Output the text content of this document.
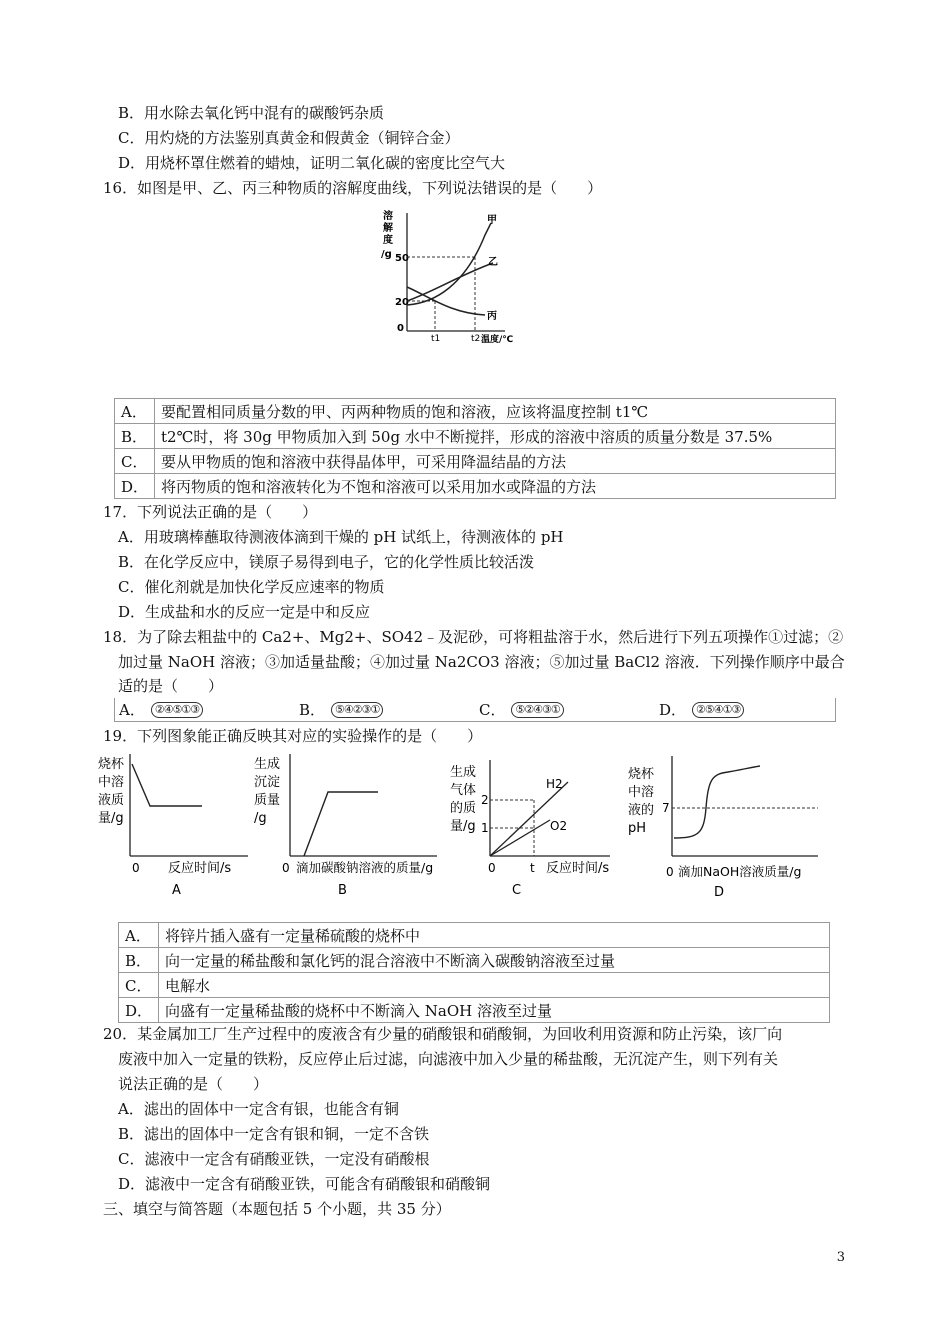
B．用水除去氧化钙中混有的碳酸钙杂质
C．用灼烧的方法鉴别真黄金和假黄金（铜锌合金）
D．用烧杯罩住燃着的蜡烛，证明二氧化碳的密度比空气大
16．如图是甲、乙、丙三种物质的溶解度曲线，下列说法错误的是（　　）
溶
解
度
/g 50
20
0
甲
乙
丙
t1	t2 温度/℃
A．	要配置相同质量分数的甲、丙两种物质的饱和溶液，应该将温度控制 t1℃
B．	t2℃时，将 30g 甲物质加入到 50g 水中不断搅拌，形成的溶液中溶质的质量分数是 37.5%
C．	要从甲物质的饱和溶液中获得晶体甲，可采用降温结晶的方法
D．	将丙物质的饱和溶液转化为不饱和溶液可以采用加水或降温的方法
17．下列说法正确的是（　　）
A．用玻璃棒蘸取待测液体滴到干燥的 pH 试纸上，待测液体的 pH
B．在化学反应中，镁原子易得到电子，它的化学性质比较活泼
C．催化剂就是加快化学反应速率的物质
D．生成盐和水的反应一定是中和反应
18．为了除去粗盐中的 Ca2+、Mg2+、SO42﹣及泥砂，可将粗盐溶于水，然后进行下列五项操作①过滤；②
加过量 NaOH 溶液；③加适量盐酸；④加过量 Na2CO3 溶液；⑤加过量 BaCl2 溶液．下列操作顺序中最合
适的是（　　）
A． ②④⑤①③	B． ⑤④②③①	C． ⑤②④③①	D． ②⑤④①③
19．下列图象能正确反映其对应的实验操作的是（　　）
烧杯
中溶
液质
量/g
0 反应时间/s
A
生成
沉淀
质量
/g
0 滴加碳酸钠溶液的质量/g
B
生成
气体
的质
量/g
2
1
H2
O2
0	t 反应时间/s
C
烧杯
中溶
液的
pH
7
0 滴加NaOH溶液质量/g
D
A．	将锌片插入盛有一定量稀硫酸的烧杯中
B．	向一定量的稀盐酸和氯化钙的混合溶液中不断滴入碳酸钠溶液至过量
C．	电解水
D．	向盛有一定量稀盐酸的烧杯中不断滴入 NaOH 溶液至过量
20．某金属加工厂生产过程中的废液含有少量的硝酸银和硝酸铜，为回收利用资源和防止污染，该厂向
废液中加入一定量的铁粉，反应停止后过滤，向滤液中加入少量的稀盐酸，无沉淀产生，则下列有关
说法正确的是（　　）
A．滤出的固体中一定含有银，也能含有铜
B．滤出的固体中一定含有银和铜，一定不含铁
C．滤液中一定含有硝酸亚铁，一定没有硝酸根
D．滤液中一定含有硝酸亚铁，可能含有硝酸银和硝酸铜
三、填空与简答题（本题包括 5 个小题，共 35 分）
3
